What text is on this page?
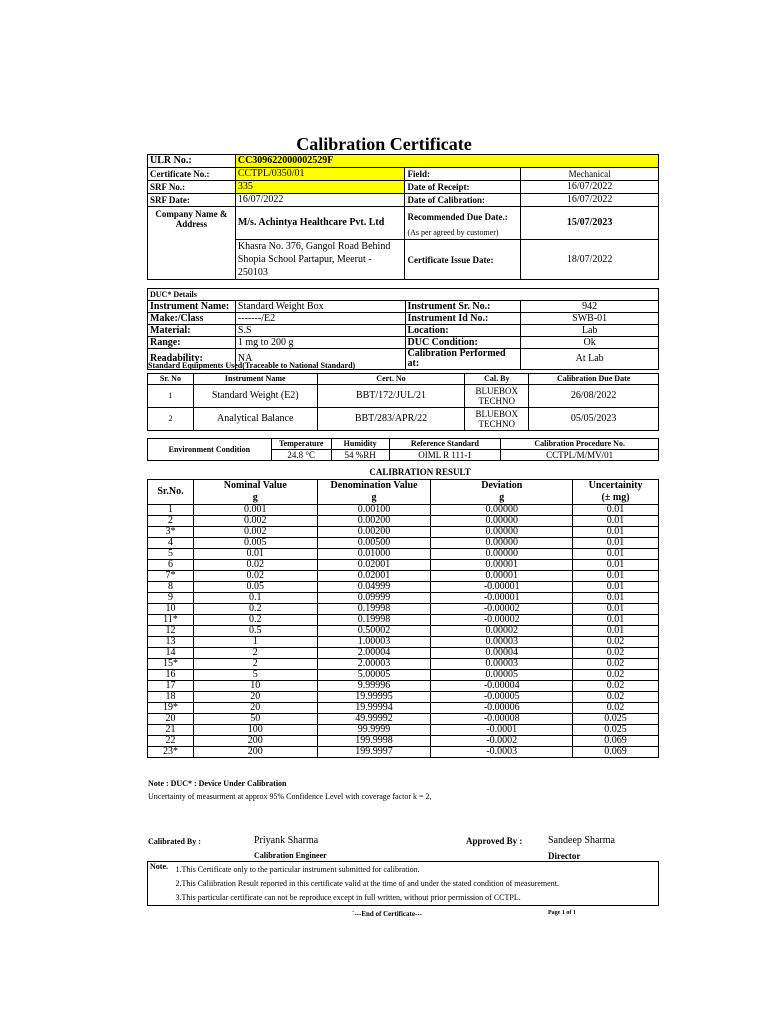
Calibration Certificate
ULR No.:	CC309622000002529F		
Certificate No.:	CCTPL/0350/01	Field:	Mechanical
SRF No.:	335	Date of Receipt:	16/07/2022
SRF Date:	16/07/2022	Date of Calibration:	16/07/2022
Company Name & Address	M/s. Achintya Healthcare Pvt. Ltd	Recommended Due Date.:	15/07/2023
		(As per agreed by customer)	
	Khasra No. 376, Gangol Road Behind Shopia School Partapur, Meerut - 250103	Certificate Issue Date:	18/07/2022
DUC* Details			
Instrument Name:	Standard Weight Box	Instrument Sr. No.:	942
Make:/Class	-------/E2	Instrument Id No.:	SWB-01
Material:	S.S	Location:	Lab
Range:	1 mg to 200 g	DUC Condition:	Ok
Readability:	NA	Calibration Performed at:	At Lab
Standard Equipments Used(Traceable to National Standard)
Sr. No	Instrument Name	Cert. No	Cal. By	Calibration Due Date
1	Standard Weight (E2)	BBT/172/JUL/21	BLUEBOX TECHNO	26/08/2022
2	Analytical Balance	BBT/283/APR/22	BLUEBOX TECHNO	05/05/2023
Environment Condition	Temperature	Humidity	Reference Standard	Calibration Procedure No.
	24.8 °C	54 %RH	OIML R 111-1	CCTPL/M/MV/01
CALIBRATION RESULT
Sr.No.	Nominal Value	Denomination Value	Deviation	Uncertainity
	g	g	g	(± mg)
1	0.001	0.00100	0.00000	0.01
2	0.002	0.00200	0.00000	0.01
3*	0.002	0.00200	0.00000	0.01
4	0.005	0.00500	0.00000	0.01
5	0.01	0.01000	0.00000	0.01
6	0.02	0.02001	0.00001	0.01
7*	0.02	0.02001	0.00001	0.01
8	0.05	0.04999	-0.00001	0.01
9	0.1	0.09999	-0.00001	0.01
10	0.2	0.19998	-0.00002	0.01
11*	0.2	0.19998	-0.00002	0.01
12	0.5	0.50002	0.00002	0.01
13	1	1.00003	0.00003	0.02
14	2	2.00004	0.00004	0.02
15*	2	2.00003	0.00003	0.02
16	5	5.00005	0.00005	0.02
17	10	9.99996	-0.00004	0.02
18	20	19.99995	-0.00005	0.02
19*	20	19.99994	-0.00006	0.02
20	50	49.99992	-0.00008	0.025
21	100	99.9999	-0.0001	0.025
22	200	199.9998	-0.0002	0.069
23*	200	199.9997	-0.0003	0.069
Note : DUC* : Device Under Calibration
Uncertainty of measurment at approx 95% Confidence Level with coverage factor k = 2,
Calibrated By :	Priyank Sharma
Calibration Engineer
Approved By :	Sandeep Sharma
Director
Note.	1.This Certificate only to the particular instrument submitted for calibration.
2.This Caliibration Result reported in this certificate valid at the time of and under the stated condition of measurement.
3.This particular certificate can not be reproduce except in full written, without prior permission of CCTPL.
`---End of Certificate---	Page 1 of 1
